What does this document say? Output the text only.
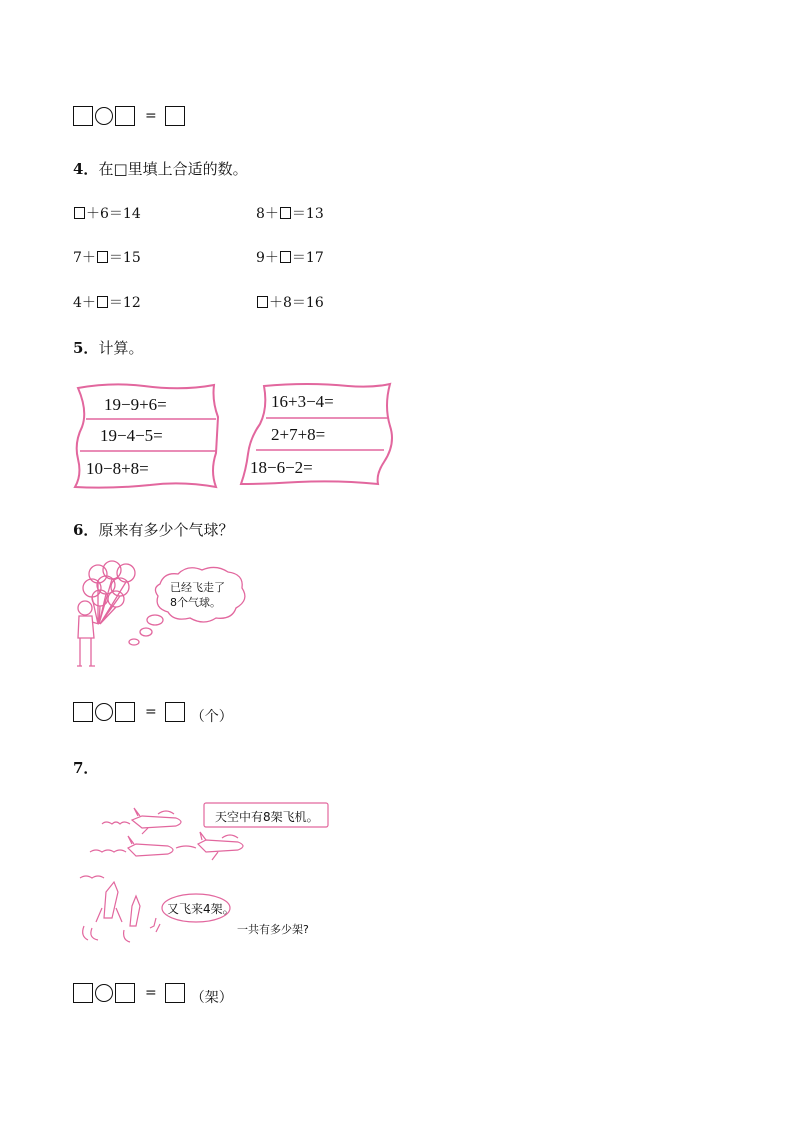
=
4．在□里填上合适的数。
＋6＝14	8＋ ＝13
7＋ ＝15	9＋ ＝17
4＋ ＝12	＋8＝16
5．计算。
19−9+6=
19−4−5=
10−8+8=
16+3−4=
2+7+8=
18−6−2=
6．原来有多少个气球？
已经飞走了
8个气球。
= （个）
7．
天空中有8架飞机。
又飞来4架。
一共有多少架?
= （架）
